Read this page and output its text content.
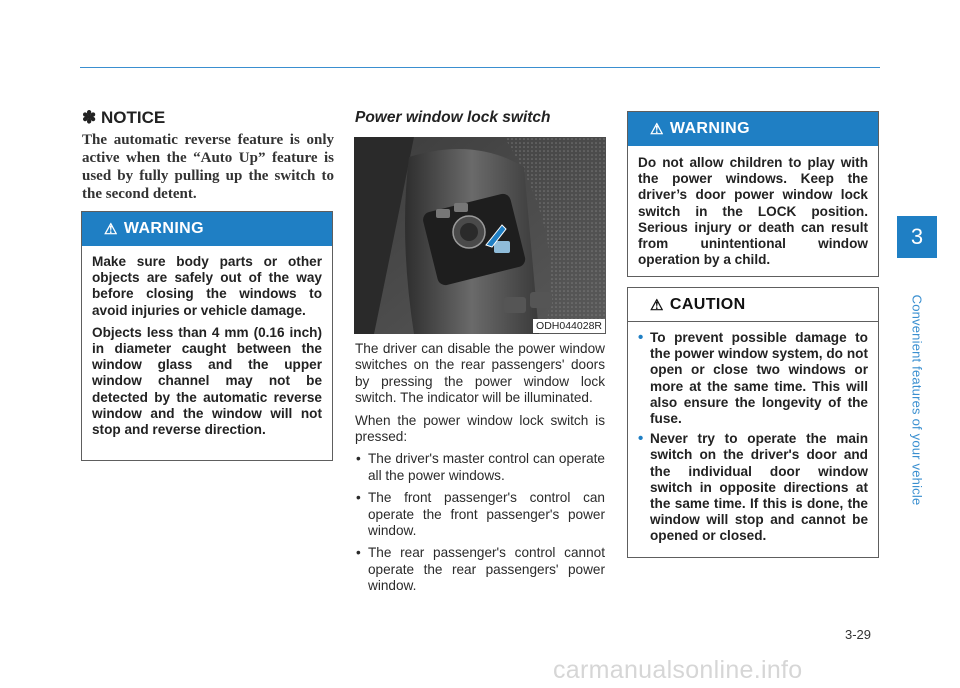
3
Convenient features of your vehicle
✽ NOTICE
The automatic reverse feature is only active when the “Auto Up” feature is used by fully pulling up the switch to the second detent.
⚠ WARNING

Make sure body parts or other objects are safely out of the way before closing the windows to avoid injuries or vehicle damage.

Objects less than 4 mm (0.16 inch) in diameter caught between the window glass and the upper window channel may not be detected by the automatic reverse window and the window will not stop and reverse direction.

Power window lock switch
ODH044028R

The driver can disable the power window switches on the rear passengers' doors by pressing the power window lock switch. The indicator will be illuminated.

When the power window lock switch is pressed:

• The driver's master control can operate all the power windows.
• The front passenger's control can operate the front passenger's power window.
• The rear passenger's control cannot operate the rear passengers' power window.
⚠ WARNING
Do not allow children to play with the power windows. Keep the driver’s door power window lock switch in the LOCK position. Serious injury or death can result from unintentional window operation by a child.
⚠ CAUTION
• To prevent possible damage to the power window system, do not open or close two windows or more at the same time. This will also ensure the longevity of the fuse.
• Never try to operate the main switch on the driver's door and the individual door window switch in opposite directions at the same time. If this is done, the window will stop and cannot be opened or closed.
3-29
carmanualsonline.info
